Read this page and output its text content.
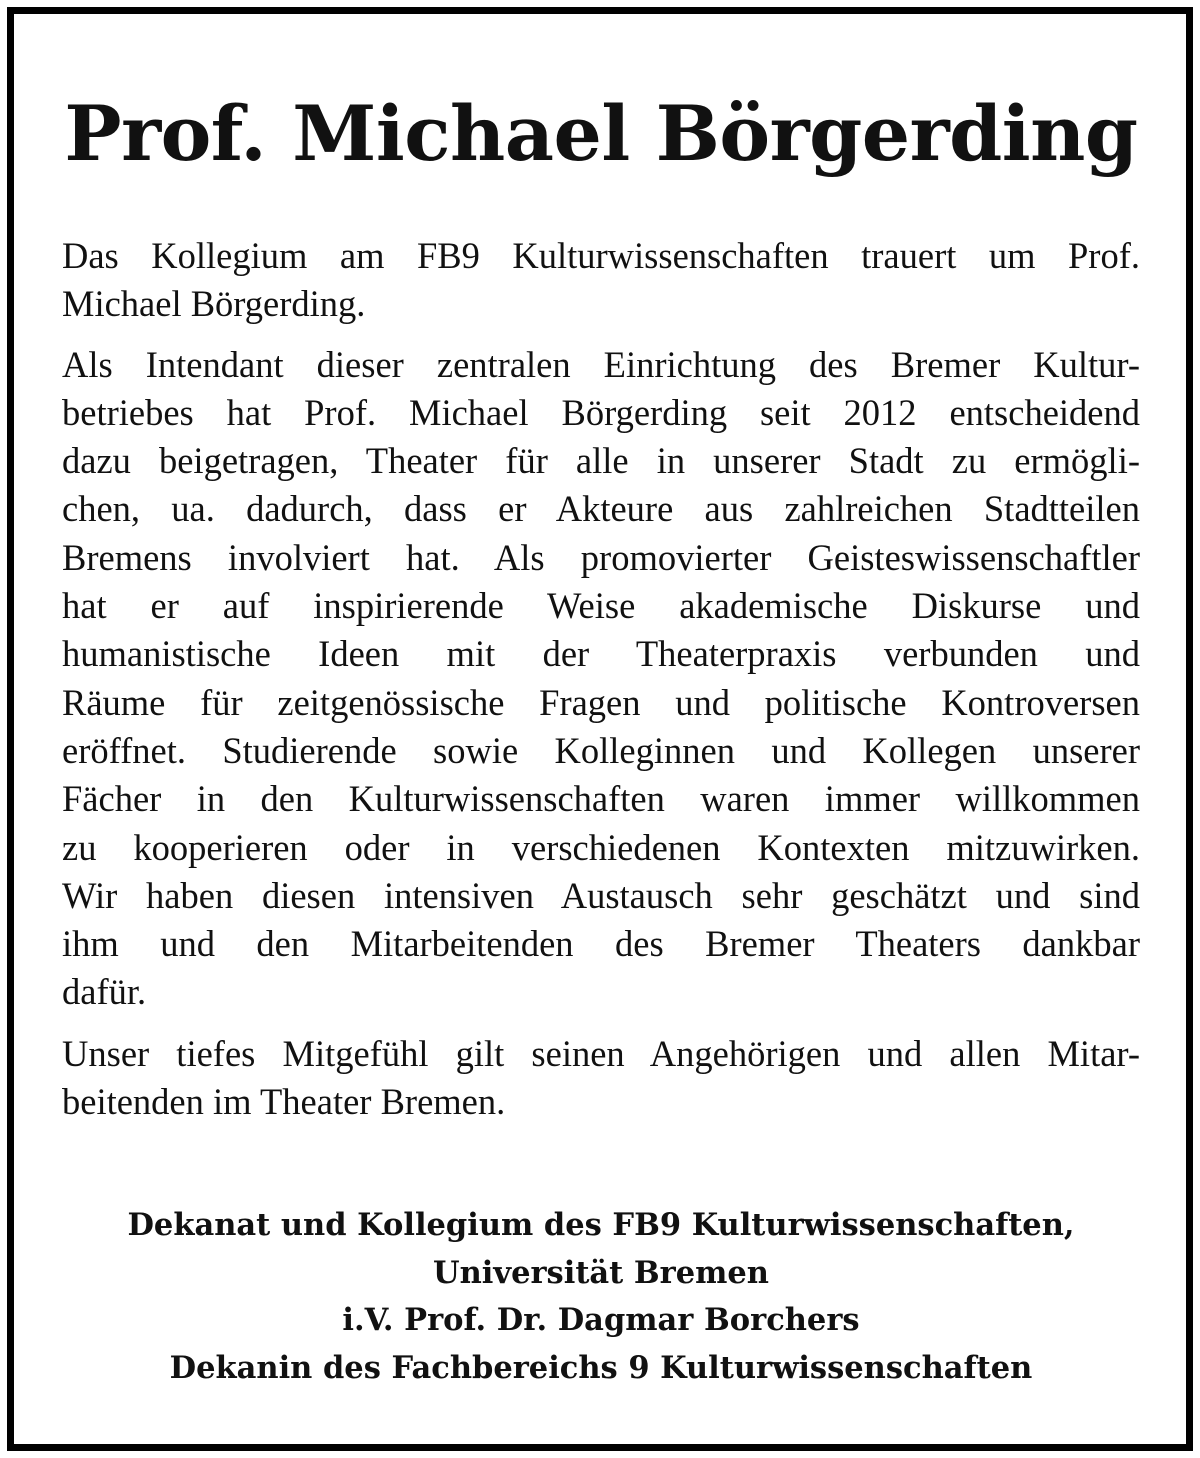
Prof. Michael Börgerding
Das Kollegium am FB9 Kulturwissenschaften trauert um Prof.
Michael Börgerding.
Als Intendant dieser zentralen Einrichtung des Bremer Kultur-
betriebes hat Prof. Michael Börgerding seit 2012 entscheidend
dazu beigetragen, Theater für alle in unserer Stadt zu ermögli-
chen, ua. dadurch, dass er Akteure aus zahlreichen Stadtteilen
Bremens involviert hat. Als promovierter Geisteswissenschaftler
hat er auf inspirierende Weise akademische Diskurse und
humanistische Ideen mit der Theaterpraxis verbunden und
Räume für zeitgenössische Fragen und politische Kontroversen
eröffnet. Studierende sowie Kolleginnen und Kollegen unserer
Fächer in den Kulturwissenschaften waren immer willkommen
zu kooperieren oder in verschiedenen Kontexten mitzuwirken.
Wir haben diesen intensiven Austausch sehr geschätzt und sind
ihm und den Mitarbeitenden des Bremer Theaters dankbar
dafür.
Unser tiefes Mitgefühl gilt seinen Angehörigen und allen Mitar-
beitenden im Theater Bremen.
Dekanat und Kollegium des FB9 Kulturwissenschaften,
Universität Bremen
i.V. Prof. Dr. Dagmar Borchers
Dekanin des Fachbereichs 9 Kulturwissenschaften
